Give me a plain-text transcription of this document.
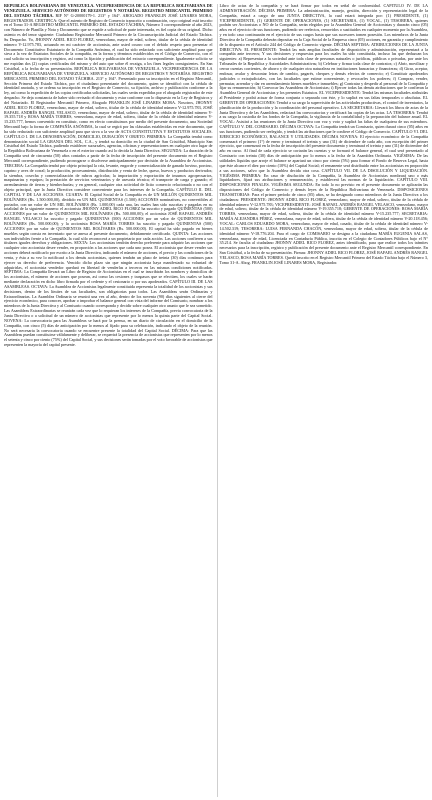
REPÚBLICA BOLIVARIANA DE VENEZUELA. VICEPRESIDENCIA DE LA REPÚBLICA BOLIVARIANA DE VENEZUELA. SERVICIO AUTÓNOMO DE REGISTROS Y NOTARÍAS. REGISTRO MERCANTIL PRIMERO DEL ESTADO TÁCHIRA. RIF N° G-20000179-1. 213° y 164°. ABOGADO FRANKLIN JOSÉ LINARES MORA, REGISTRADOR. CERTIFICA: Que el asiento de Registro de Comercio transcrito a continuación, cuyo original está inscrito en el Tomo 31-A REGISTRO MERCANTIL PRIMERO DEL ESTADO TÁCHIRA, Número 3 correspondiente al año 2023, con Número de Planilla y Nota y Documento que se expide a solicitud de parte interesada, es fiel copia de su original. Dicho asiento es del tenor siguiente: Ciudadano Registrador Mercantil Primero de la Circunscripción Judicial del Estado Táchira. Su Despacho. Yo, JHONNY ADIEL RICO FLOREZ, venezolano, mayor de edad, soltero, titular de la cédula de identidad número V-12.975.783, actuando en mi carácter de accionista, ante usted ocurro con el debido respeto para presentar el Documento Constitutivo Estatutario de la Compañía Anónima, el cual ha sido redactado con suficiente amplitud para que sirva a la vez de Estatutos Sociales de la compañía, en la forma y términos establecidos en el Código de Comercio, con el cual solicito su inscripción y registro, así como la fijación y publicación del extracto correspondiente. Igualmente solicito se me expidan dos (2) copias certificadas del mismo y del auto que sobre él recaiga, a los fines legales consiguientes. En San Cristóbal, a la fecha de su presentación. REPÚBLICA BOLIVARIANA DE VENEZUELA. VICEPRESIDENCIA DE LA REPÚBLICA BOLIVARIANA DE VENEZUELA. SERVICIO AUTÓNOMO DE REGISTROS Y NOTARÍAS. REGISTRO MERCANTIL PRIMERO DEL ESTADO TÁCHIRA. 213° y 164°. Presentado para su inscripción en el Registro Mercantil, Sección Primera del Estado Táchira, por el ciudadano presentante del documento, quien se identificó con la cédula de identidad anotada, y se ordena su inscripción en el Registro de Comercio, su fijación, archivo y publicación conforme a la ley, así como la expedición de las copias certificadas solicitadas, las cuales serán expedidas por el abogado registrador de este despacho. Se deja constancia de haber sido revisado el documento y estar conforme con lo dispuesto en la Ley de Registros y del Notariado. El Registrador Mercantil Primero, Abogado FRANKLIN JOSÉ LINARES MORA. Nosotros, JHONNY ADIEL RICO FLOREZ, venezolano, mayor de edad, soltero, titular de la cédula de identidad número V-12.975.783, JOSÉ RAFAEL ANDRÉS RANGEL VELASCO, venezolano, mayor de edad, soltero, titular de la cédula de identidad número V-19.355.718 y ROSA MARÍA TORRES, venezolana, mayor de edad, soltera, titular de la cédula de identidad número V-15.235.777, hemos convenido en constituir, como en efecto constituimos por medio del presente documento, una Sociedad Mercantil bajo la forma de COMPAÑÍA ANÓNIMA, la cual se regirá por las cláusulas establecidas en este documento, que ha sido redactado con suficiente amplitud para que sirva a la vez de ACTA CONSTITUTIVA Y ESTATUTOS SOCIALES. CAPÍTULO I. DE LA DENOMINACIÓN, DOMICILIO, DURACIÓN Y OBJETO. PRIMERA: La Compañía tendrá como denominación social LA GRANJA DEL SOL, C.A., y tendrá su domicilio en la ciudad de San Cristóbal, Municipio San Cristóbal del Estado Táchira, pudiendo establecer sucursales, agencias, oficinas y representaciones en cualquier otro lugar de la República Bolivariana de Venezuela o en el exterior cuando así lo decida la Junta Directiva. SEGUNDA: La duración de la Compañía será de cincuenta (50) años contados a partir de la fecha de inscripción del presente documento en el Registro Mercantil correspondiente, pudiendo prorrogarse o disolverse anticipadamente por decisión de la Asamblea de Accionistas. TERCERA: La Compañía tendrá por objeto principal la cría, levante, engorde y comercialización de ganado bovino, porcino, caprino y aves de corral; la producción, procesamiento, distribución y venta de leche, queso, huevos y productos derivados; la siembra, cosecha y comercialización de rubros agrícolas; la importación y exportación de insumos agropecuarios, maquinarias y equipos; la prestación de servicios veterinarios y de asesoría técnica; el transporte de carga y ganado; el arrendamiento de tierras y bienhechurías; y en general, cualquier otra actividad de lícito comercio relacionada o no con el objeto principal, que la Junta Directiva considere conveniente para los intereses de la Compañía. CAPÍTULO II. DEL CAPITAL Y DE LAS ACCIONES. CUARTA: El Capital Social de la Compañía es de UN MILLÓN QUINIENTOS MIL BOLÍVARES (Bs. 1.500.000,00), dividido en UN MIL QUINIENTAS (1.500) ACCIONES nominativas, no convertibles al portador, con un valor de UN MIL BOLÍVARES (Bs. 1.000,00) cada una, las cuales han sido suscritas y pagadas en su totalidad de la siguiente manera: el accionista JHONNY ADIEL RICO FLOREZ ha suscrito y pagado QUINIENTAS (500) ACCIONES por un valor de QUINIENTOS MIL BOLÍVARES (Bs. 500.000,00); el accionista JOSÉ RAFAEL ANDRÉS RANGEL VELASCO ha suscrito y pagado QUINIENTAS (500) ACCIONES por un valor de QUINIENTOS MIL BOLÍVARES (Bs. 500.000,00); y la accionista ROSA MARÍA TORRES ha suscrito y pagado QUINIENTAS (500) ACCIONES por un valor de QUINIENTOS MIL BOLÍVARES (Bs. 500.000,00). El capital ha sido pagado en bienes muebles según consta en inventario que se anexa al presente documento, debidamente certificado. QUINTA: Las acciones son indivisibles frente a la Compañía, la cual sólo reconocerá a un propietario por cada acción. Las acciones confieren a sus titulares iguales derechos y obligaciones. SEXTA: Los accionistas tendrán derecho preferente para adquirir las acciones que cualquier otro accionista desee vender, en proporción a las acciones que cada uno posea. El accionista que desee vender sus acciones deberá notificarlo por escrito a la Junta Directiva, indicando el número de acciones, el precio y las condiciones de la venta, y ésta a su vez lo notificará a los demás accionistas, quienes tendrán un plazo de treinta (30) días continuos para ejercer su derecho de preferencia. Vencido dicho plazo sin que ningún accionista haya manifestado su voluntad de adquirirlas, el accionista vendedor quedará en libertad de venderlas a terceros en las mismas condiciones notificadas. SÉPTIMA: La Compañía llevará un Libro de Registro de Accionistas en el cual se inscribirán los nombres y domicilios de los accionistas, el número de acciones que posean, así como las cesiones y traspasos que se efectúen, los cuales se harán mediante declaración en dicho libro firmada por el cedente y el cesionario o por sus apoderados. CAPÍTULO III. DE LAS ASAMBLEAS. OCTAVA: La Asamblea de Accionistas legalmente constituida representa la totalidad de los accionistas y sus decisiones, dentro de los límites de sus facultades, son obligatorias para todos. Las Asambleas serán Ordinarias y Extraordinarias. La Asamblea Ordinaria se reunirá una vez al año, dentro de los noventa (90) días siguientes al cierre del ejercicio económico, para conocer, aprobar o improbar el balance general con vista del informe del Comisario, nombrar a los miembros de la Junta Directiva y al Comisario cuando corresponda y decidir sobre cualquier otro asunto que le sea sometido. Las Asambleas Extraordinarias se reunirán cada vez que lo requieran los intereses de la Compañía, previa convocatoria de la Junta Directiva o a solicitud de un número de accionistas que represente por lo menos la quinta parte del Capital Social. NOVENA: La convocatoria para las Asambleas se hará por la prensa, en un diario de circulación en el domicilio de la Compañía, con cinco (5) días de anticipación por lo menos al fijado para su celebración, indicando el objeto de la reunión. No será necesaria la convocatoria cuando se encuentre presente la totalidad del Capital Social. DÉCIMA: Para que las Asambleas puedan constituirse válidamente y deliberar, se requerirá la presencia de accionistas que representen por lo menos el setenta y cinco por ciento (75%) del Capital Social, y sus decisiones serán tomadas por el voto favorable de accionistas que representen la mayoría del capital presente.

Libro de actas de la compañía y se hará firmar por todos en señal de conformidad. CAPÍTULO IV. DE LA ADMINISTRACIÓN. DÉCIMA PRIMERA: La administración, manejo, gestión, dirección y representación legal de la Compañía, estará a cargo de una JUNTA DIRECTIVA, la cual estará integrada por: (1) PRESIDENTE, (1) VICEPRESIDENTE, (1) GERENTE DE OPERACIONES, (1) SECRETARIA, (1) VOCAL, (1) TESORERA, quienes podrán ser Accionistas o NO de la Compañía, serán elegidos por la Asamblea General de Accionistas y durarán cinco (05) años en el ejercicio de sus funciones, pudiendo ser reelectos, removidos o sustituidos en cualquier momento por la Asamblea, y en todo caso continuarán en el ejercicio de sus cargos hasta que sus sucesores tomen posesión. Los miembros de la Junta Directiva de la Compañía deberán depositar en la Caja Social de la Empresa cinco (05) acciones, en garantía y cumplimiento de lo dispuesto en el Artículo 244 del Código de Comercio vigente. DÉCIMA SEPTIMA: ATRIBUCIONES DE LA JUNTA DIRECTIVA: EL PRESIDENTE: Tendrá las más amplias facultades de disposición y administración, representará a la compañía ante terceros; Y sus decisiones y respuestas para los cuales ha sido constituida, incluso las que deduzcan los siguientes: a) Representar a la sociedad ante toda clase de personas naturales o jurídicas, públicas o privadas, por ante los Tribunales de la República y Autoridades Administrativas; b) Celebrar y firmar toda clase de contratos; c) Abrir, movilizar y cerrar cuentas corrientes, de ahorro y de cualquier otra naturaleza en instituciones bancarias y financieras; d) Girar, aceptar, endosar, avalar y descontar letras de cambio, pagarés, cheques y demás efectos de comercio; e) Constituir apoderados judiciales o extrajudiciales, con las facultades que estime conveniente, y revocarles los poderes; f) Comprar, vender, permutar, arrendar y dar en arrendamiento bienes muebles e inmuebles; g) Contratar y despedir al personal de la Compañía y fijar su remuneración; h) Convocar las Asambleas de Accionistas; i) Ejercer todas las demás atribuciones que le confieran la Asamblea General de Accionistas y los presentes Estatutos. EL VICEPRESIDENTE: Tendrá las mismas facultades atribuidas al Presidente y podrá actuar de forma conjunta o separada con éste, y lo suplirá en sus faltas temporales o absolutas. EL GERENTE DE OPERACIONES: Tendrá a su cargo la supervisión de las actividades productivas, el control de inventarios, la planificación de la producción y la coordinación del personal operativo. LA SECRETARIA: Llevará los libros de actas de la Junta Directiva y de las Asambleas, redactará las convocatorias y certificará las copias de las actas. LA TESORERA: Tendrá a su cargo la custodia de los fondos de la Compañía, la vigilancia de la contabilidad y la preparación del balance anual. EL VOCAL: Asistirá a las reuniones de la Junta Directiva con voz y voto y suplirá las faltas de cualquiera de sus miembros. CAPÍTULO V. DEL COMISARIO. DÉCIMA OCTAVA: La Compañía tendrá un Comisario, quien durará cinco (05) años en sus funciones, pudiendo ser reelegido, y tendrá las atribuciones que le confiere el Código de Comercio. CAPÍTULO VI. DEL EJERCICIO ECONÓMICO, BALANCE Y UTILIDADES. DÉCIMA NOVENA: El ejercicio económico de la Compañía comenzará el primero (1°) de enero y terminará el treinta y uno (31) de diciembre de cada año, con excepción del primer ejercicio, que comenzará en la fecha de inscripción del presente documento y terminará el treinta y uno (31) de diciembre del año en curso. Al final de cada ejercicio se cortarán las cuentas y se formará el balance general, el cual será presentado al Comisario con treinta (30) días de anticipación por lo menos a la fecha de la Asamblea Ordinaria. VIGÉSIMA: De las utilidades líquidas que arroje el balance se apartará un cinco por ciento (5%) para formar el Fondo de Reserva Legal, hasta que éste alcance el diez por ciento (10%) del Capital Social; el remanente será distribuido entre los accionistas en proporción a sus acciones, salvo que la Asamblea decida otra cosa. CAPÍTULO VII. DE LA DISOLUCIÓN Y LIQUIDACIÓN. VIGÉSIMA PRIMERA: En caso de disolución de la Compañía, la Asamblea de Accionistas nombrará uno o más liquidadores, fijará sus atribuciones y remuneración, y establecerá las normas de la liquidación. CAPÍTULO VIII. DISPOSICIONES FINALES. VIGÉSIMA SEGUNDA: En todo lo no previsto en el presente documento se aplicarán las disposiciones del Código de Comercio y demás leyes de la República Bolivariana de Venezuela. DISPOSICIONES TRANSITORIAS: Para el primer período de cinco (05) años, se ha designado como miembros de la Junta Directiva a los ciudadanos: PRESIDENTE: JHONNY ADIEL RICO FLOREZ, venezolano, mayor de edad, soltero, titular de la cédula de identidad número V-12.975.783; VICEPRESIDENTE: JOSÉ RAFAEL ANDRÉS RANGEL VELASCO, venezolano, mayor de edad, soltero, titular de la cédula de identidad número V-19.355.718; GERENTE DE OPERACIONES: ROSA MARÍA TORRES, venezolana, mayor de edad, soltera, titular de la cédula de identidad número V-15.235.777; SECRETARIA: MARÍA ALEJANDRA PÉREZ, venezolana, mayor de edad, soltera, titular de la cédula de identidad número V-20.118.456; VOCAL: CARLOS EDUARDO MORA, venezolano, mayor de edad, casado, titular de la cédula de identidad número V-14.502.319; TESORERA: LUISA FERNANDA CHACÓN, venezolana, mayor de edad, soltera, titular de la cédula de identidad número V-18.776.204. Para el cargo de COMISARIO se designa a la ciudadana MARÍA EUGENIA SALAS, venezolana, mayor de edad, Licenciada en Contaduría Pública, inscrita en el Colegio de Contadores Públicos bajo el N° 35.214. Se faculta al ciudadano JHONNY ADIEL RICO FLOREZ, antes identificado, para que realice todos los trámites necesarios para la inscripción, registro y publicación del presente documento ante el Registro Mercantil correspondiente. En San Cristóbal, a la fecha de su presentación. Firmas: JHONNY ADIEL RICO FLOREZ, JOSÉ RAFAEL ANDRÉS RANGEL VELASCO, ROSA MARÍA TORRES. Quedó inscrito en el Registro Mercantil Primero del Estado Táchira bajo el Número 3, Tomo 31-A. Abog. FRANKLIN JOSÉ LINARES MORA, Registrador.
